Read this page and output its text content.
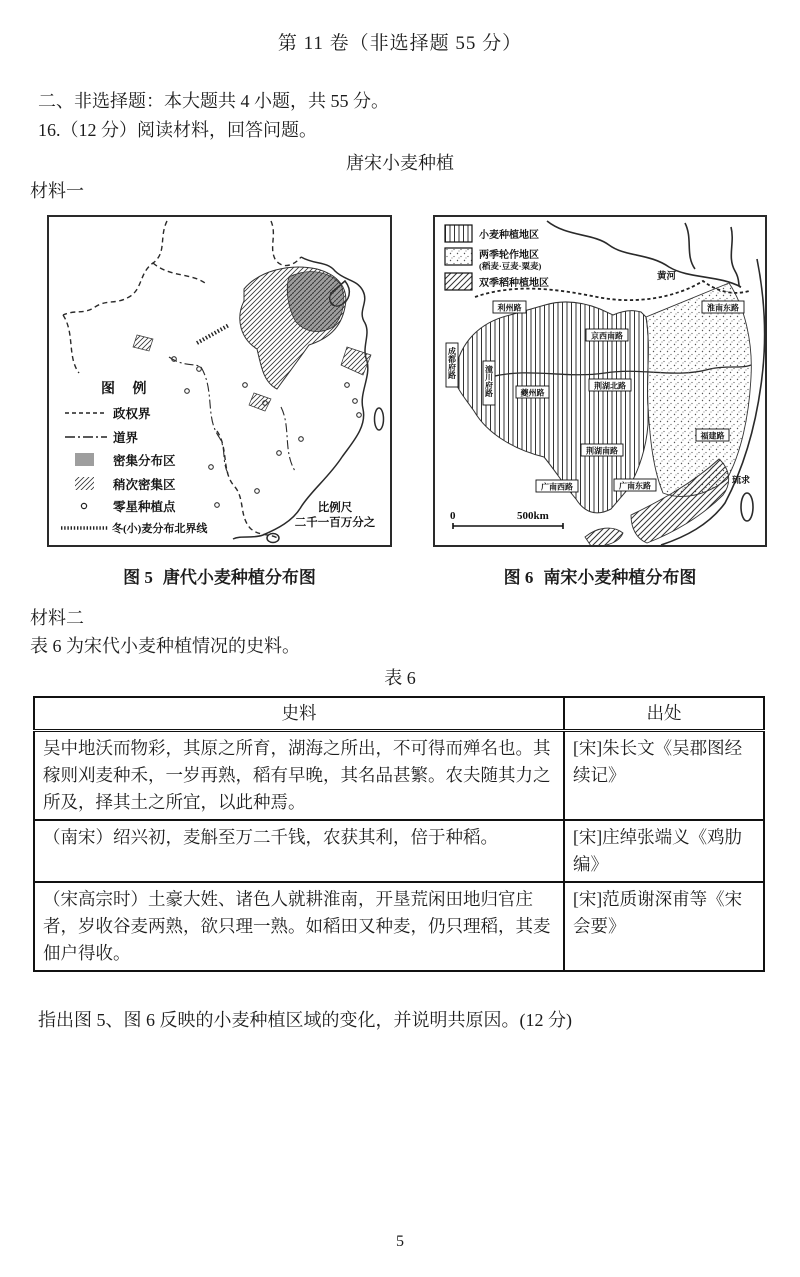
第 11 卷（非选择题 55 分）
二、非选择题：本大题共 4 小题，共 55 分。
16.（12 分）阅读材料，回答问题。
唐宋小麦种植
材料一
图 例
政权界
道界
密集分布区
稍次密集区
零星种植点
冬(小)麦分布北界线
比例尺
二千一百万分之
小麦种植地区
两季轮作地区
(稻麦·豆麦·粟麦)
双季稻种植地区
黄河
利州路
京西南路
夔州路
荆湖北路
荆湖南路
广南西路	广南东路
淮南东路
福建路
成都府路
潼川府路
琉求
0	500km
图 5 唐代小麦种植分布图	图 6 南宋小麦种植分布图
材料二
表 6 为宋代小麦种植情况的史料。
表 6
史料	出处
吴中地沃而物彩，其原之所育，湖海之所出，不可得而殚名也。其稼则刈麦种禾，一岁再熟，稻有早晚，其名品甚繁。农夫随其力之所及，择其土之所宜，以此种焉。	[宋]朱长文《吴郡图经续记》
（南宋）绍兴初，麦斛至万二千钱，农获其利，倍于种稻。	[宋]庄绰张端义《鸡肋编》
（宋高宗时）土豪大姓、诸色人就耕淮南，开垦荒闲田地归官庄者，岁收谷麦两熟，欲只理一熟。如稻田又种麦，仍只理稻，其麦佃户得收。	[宋]范质谢深甫等《宋会要》
指出图 5、图 6 反映的小麦种植区域的变化，并说明共原因。(12 分)
5
